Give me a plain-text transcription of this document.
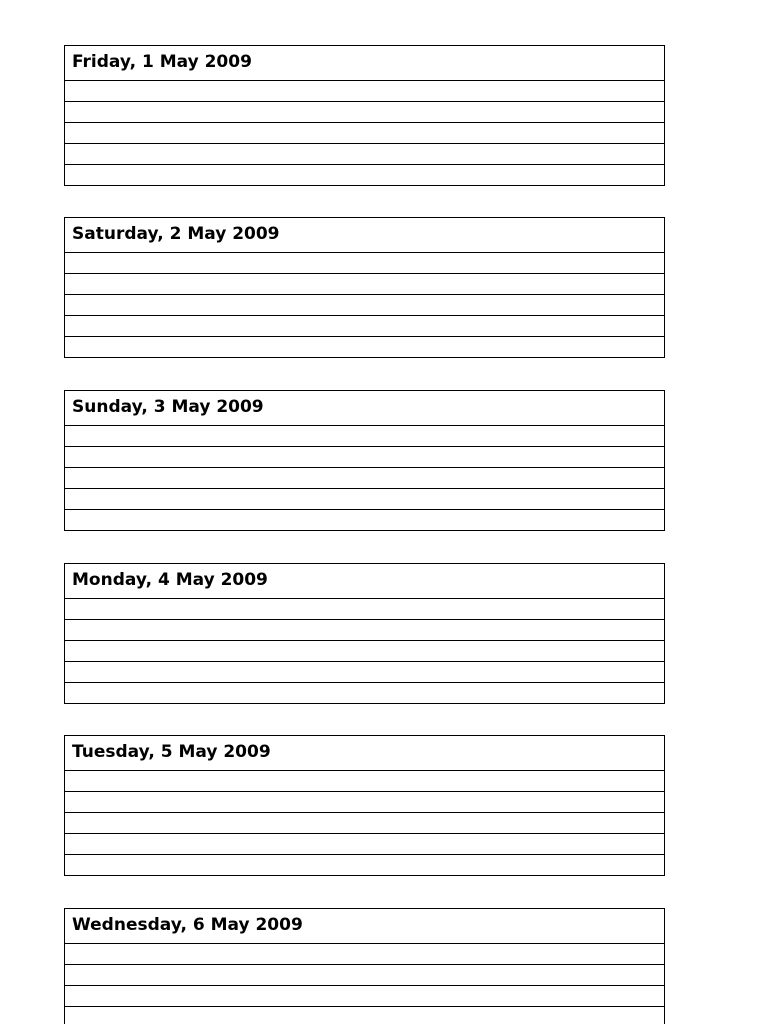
Friday, 1 May 2009
Saturday, 2 May 2009
Sunday, 3 May 2009
Monday, 4 May 2009
Tuesday, 5 May 2009
Wednesday, 6 May 2009
